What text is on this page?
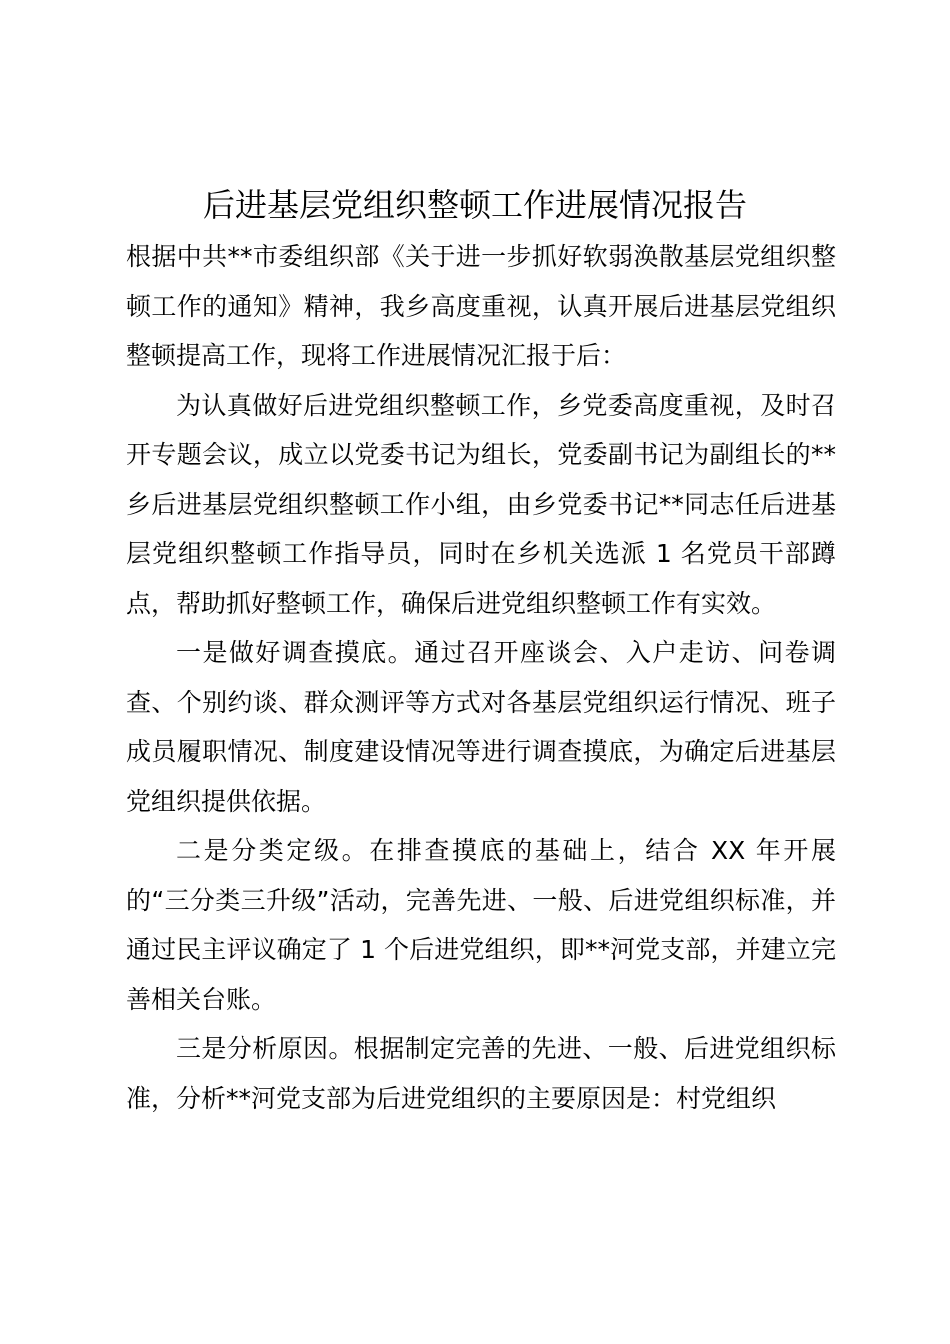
后进基层党组织整顿工作进展情况报告

根据中共**市委组织部《关于进一步抓好软弱涣散基层党组织整顿工作的通知》精神，我乡高度重视，认真开展后进基层党组织整顿提高工作，现将工作进展情况汇报于后：

为认真做好后进党组织整顿工作，乡党委高度重视，及时召开专题会议，成立以党委书记为组长，党委副书记为副组长的**乡后进基层党组织整顿工作小组，由乡党委书记**同志任后进基层党组织整顿工作指导员，同时在乡机关选派 1 名党员干部蹲点，帮助抓好整顿工作，确保后进党组织整顿工作有实效。

一是做好调查摸底。通过召开座谈会、入户走访、问卷调查、个别约谈、群众测评等方式对各基层党组织运行情况、班子成员履职情况、制度建设情况等进行调查摸底，为确定后进基层党组织提供依据。

二是分类定级。在排查摸底的基础上，结合 XX 年开展的“三分类三升级”活动，完善先进、一般、后进党组织标准，并通过民主评议确定了 1 个后进党组织，即**河党支部，并建立完善相关台账。

三是分析原因。根据制定完善的先进、一般、后进党组织标准，分析**河党支部为后进党组织的主要原因是：村党组织
